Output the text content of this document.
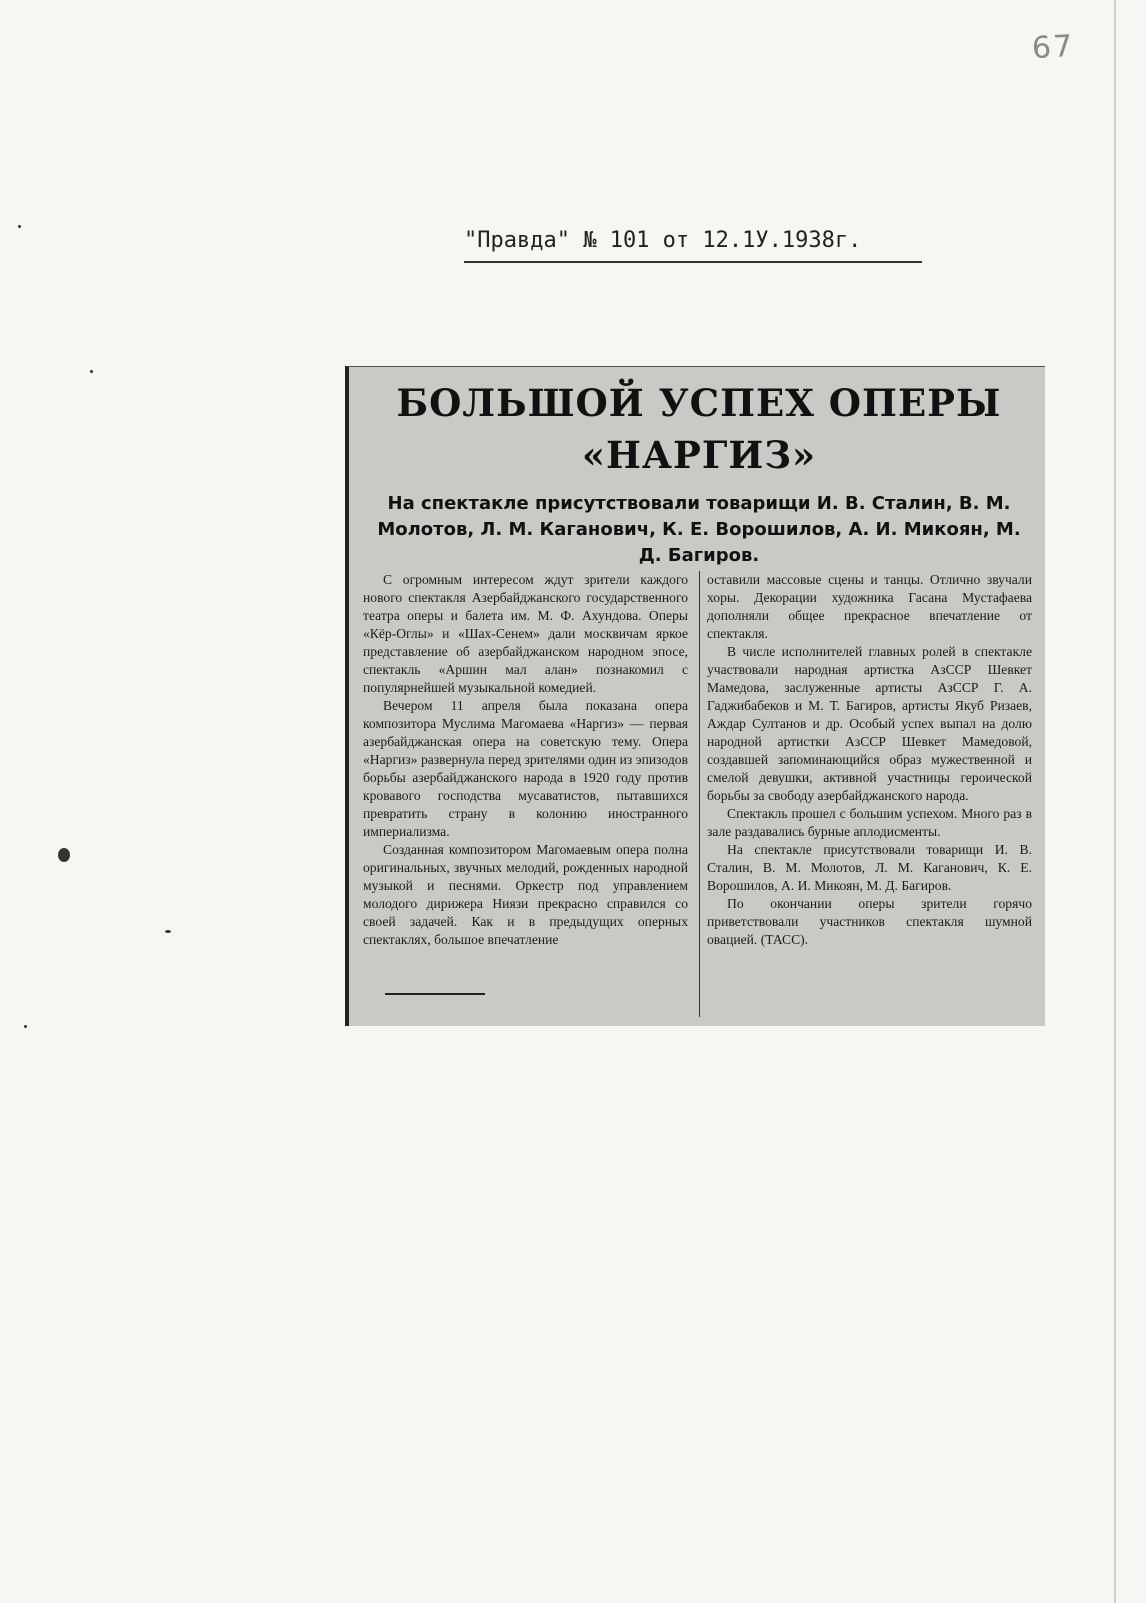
67
"Правда" № 101 от 12.1У.1938г.
БОЛЬШОЙ УСПЕХ ОПЕРЫ
«НАРГИЗ»
На спектакле присутствовали товарищи И. В. Сталин, В. М. Молотов, Л. М. Каганович, К. Е. Ворошилов, А. И. Микоян, М. Д. Багиров.

С огромным интересом ждут зрители каждого нового спектакля Азербайджанского государственного театра оперы и балета им. М. Ф. Ахундова. Оперы «Кёр-Оглы» и «Шах-Сенем» дали москвичам яркое представление об азербайджанском народном эпосе, спектакль «Аршин мал алан» познакомил с популярнейшей музыкальной комедией.

Вечером 11 апреля была показана опера композитора Муслима Магомаева «Наргиз» — первая азербайджанская опера на советскую тему. Опера «Наргиз» развернула перед зрителями один из эпизодов борьбы азербайджанского народа в 1920 году против кровавого господства мусаватистов, пытавшихся превратить страну в колонию иностранного империализма.

Созданная композитором Магомаевым опера полна оригинальных, звучных мелодий, рожденных народной музыкой и песнями. Оркестр под управлением молодого дирижера Ниязи прекрасно справился со своей задачей. Как и в предыдущих оперных спектаклях, большое впечатление

оставили массовые сцены и танцы. Отлично звучали хоры. Декорации художника Гасана Мустафаева дополняли общее прекрасное впечатление от спектакля.

В числе исполнителей главных ролей в спектакле участвовали народная артистка АзССР Шевкет Мамедова, заслуженные артисты АзССР Г. А. Гаджибабеков и М. Т. Багиров, артисты Якуб Ризаев, Аждар Султанов и др. Особый успех выпал на долю народной артистки АзССР Шевкет Мамедовой, создавшей запоминающийся образ мужественной и смелой девушки, активной участницы героической борьбы за свободу азербайджанского народа.

Спектакль прошел с большим успехом. Много раз в зале раздавались бурные аплодисменты.

На спектакле присутствовали товарищи И. В. Сталин, В. М. Молотов, Л. М. Каганович, К. Е. Ворошилов, А. И. Микоян, М. Д. Багиров.

По окончании оперы зрители горячо приветствовали участников спектакля шумной овацией. (ТАСС).
